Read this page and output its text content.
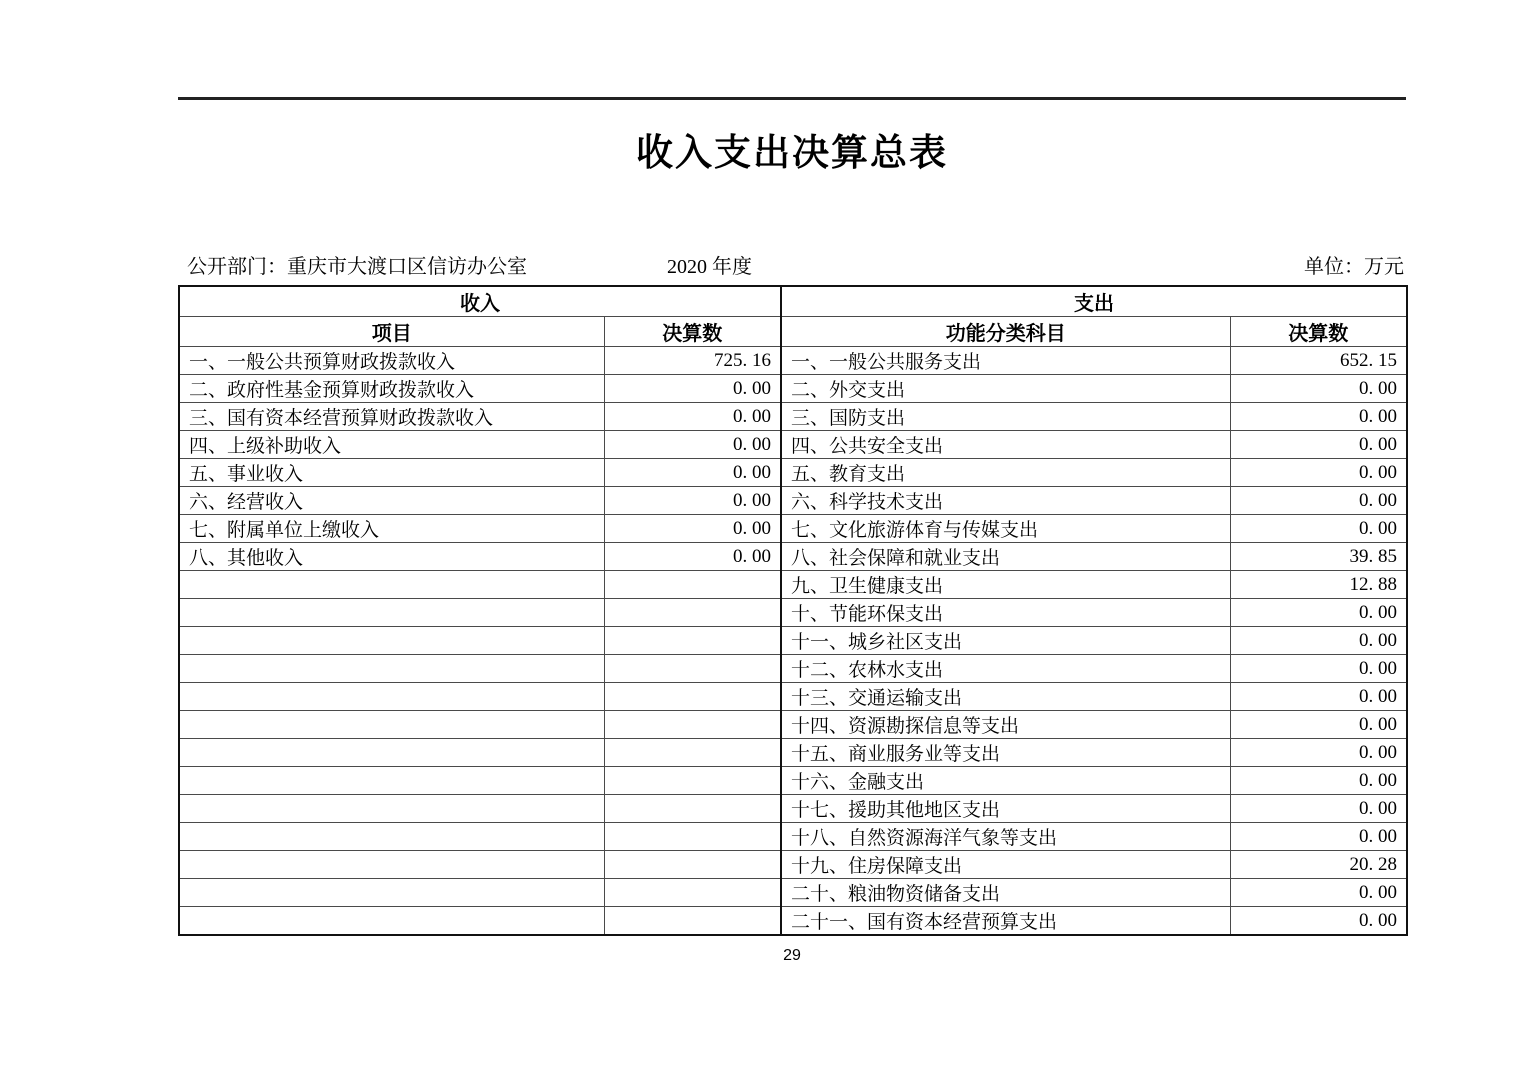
收入支出决算总表
公开部门：重庆市大渡口区信访办公室	2020 年度	单位：万元
收入		支出	
项目	决算数	功能分类科目	决算数
一、一般公共预算财政拨款收入	725. 16	一、一般公共服务支出	652. 15
二、政府性基金预算财政拨款收入	0. 00	二、外交支出	0. 00
三、国有资本经营预算财政拨款收入	0. 00	三、国防支出	0. 00
四、上级补助收入	0. 00	四、公共安全支出	0. 00
五、事业收入	0. 00	五、教育支出	0. 00
六、经营收入	0. 00	六、科学技术支出	0. 00
七、附属单位上缴收入	0. 00	七、文化旅游体育与传媒支出	0. 00
八、其他收入	0. 00	八、社会保障和就业支出	39. 85
		九、卫生健康支出	12. 88
		十、节能环保支出	0. 00
		十一、城乡社区支出	0. 00
		十二、农林水支出	0. 00
		十三、交通运输支出	0. 00
		十四、资源勘探信息等支出	0. 00
		十五、商业服务业等支出	0. 00
		十六、金融支出	0. 00
		十七、援助其他地区支出	0. 00
		十八、自然资源海洋气象等支出	0. 00
		十九、住房保障支出	20. 28
		二十、粮油物资储备支出	0. 00
		二十一、国有资本经营预算支出	0. 00
29
